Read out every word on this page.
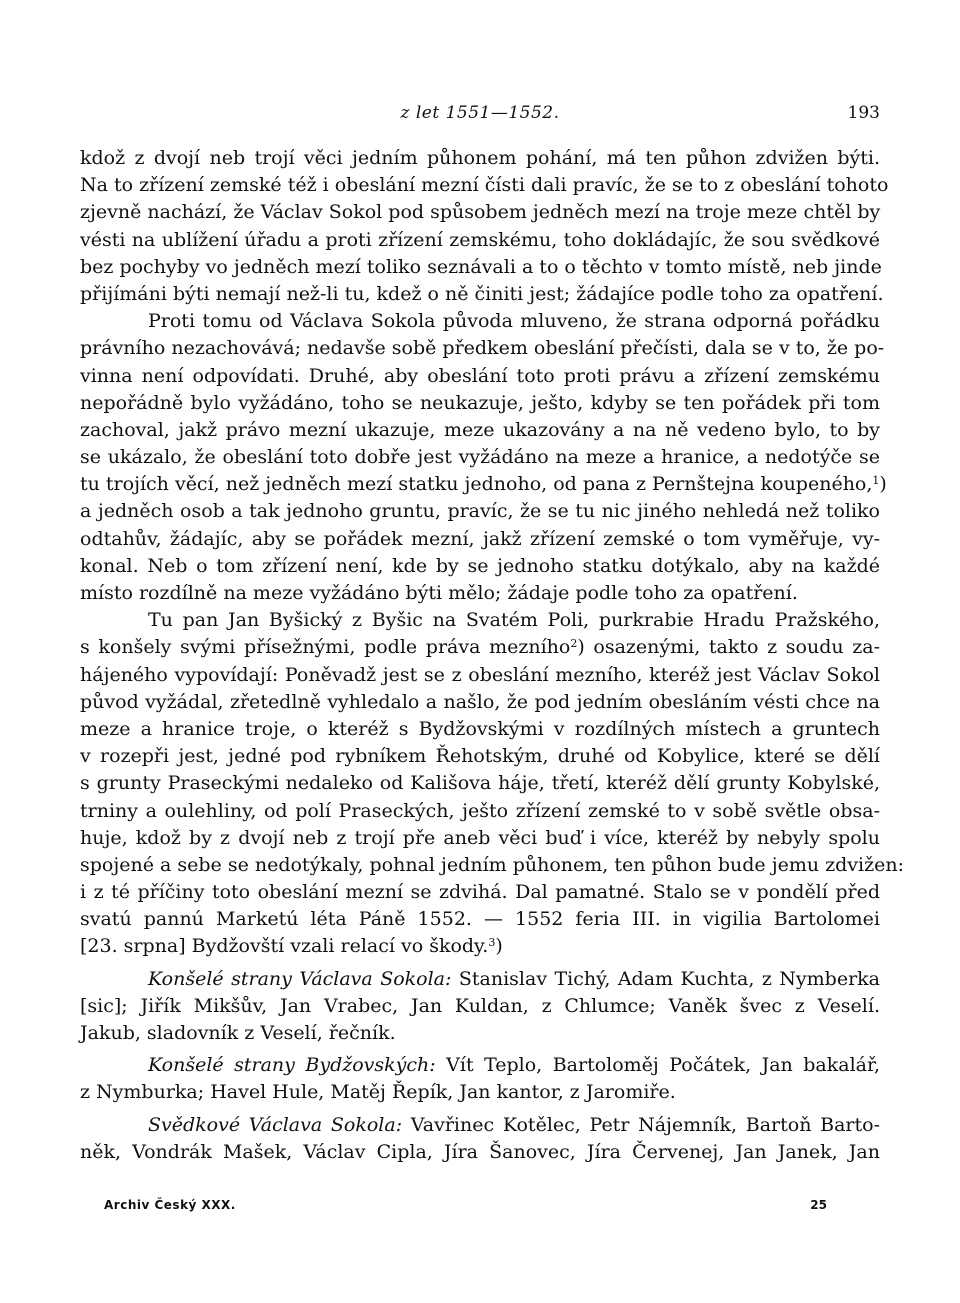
z let 1551—1552.	193
kdož z dvojí neb trojí věci jedním půhonem pohání, má ten půhon zdvižen býti.
Na to zřízení zemské též i obeslání mezní čísti dali pravíc, že se to z obeslání tohoto
zjevně nachází, že Václav Sokol pod spůsobem jedněch mezí na troje meze chtěl by
vésti na ublížení úřadu a proti zřízení zemskému, toho dokládajíc, že sou svědkové
bez pochyby vo jedněch mezí toliko seznávali a to o těchto v tomto místě, neb jinde
přijímáni býti nemají než-li tu, kdež o ně činiti jest; žádajíce podle toho za opatření.
Proti tomu od Václava Sokola původa mluveno, že strana odporná pořádku
právního nezachovává; nedavše sobě předkem obeslání přečísti, dala se v to, že po-
vinna není odpovídati. Druhé, aby obeslání toto proti právu a zřízení zemskému
nepořádně bylo vyžádáno, toho se neukazuje, ješto, kdyby se ten pořádek při tom
zachoval, jakž právo mezní ukazuje, meze ukazovány a na ně vedeno bylo, to by
se ukázalo, že obeslání toto dobře jest vyžádáno na meze a hranice, a nedotýče se
tu trojích věcí, než jedněch mezí statku jednoho, od pana z Pernštejna koupeného,$^1$)
a jedněch osob a tak jednoho gruntu, pravíc, že se tu nic jiného nehledá než toliko
odtahův, žádajíc, aby se pořádek mezní, jakž zřízení zemské o tom vyměřuje, vy-
konal. Neb o tom zřízení není, kde by se jednoho statku dotýkalo, aby na každé
místo rozdílně na meze vyžádáno býti mělo; žádaje podle toho za opatření.
Tu pan Jan Byšický z Byšic na Svatém Poli, purkrabie Hradu Pražského,
s konšely svými přísežnými, podle práva mezního$^2$) osazenými, takto z soudu za-
hájeného vypovídají: Poněvadž jest se z obeslání mezního, kteréž jest Václav Sokol
původ vyžádal, zřetedlně vyhledalo a našlo, že pod jedním obesláním vésti chce na
meze a hranice troje, o kteréž s Bydžovskými v rozdílných místech a gruntech
v rozepři jest, jedné pod rybníkem Řehotským, druhé od Kobylice, které se dělí
s grunty Praseckými nedaleko od Kališova háje, třetí, kteréž dělí grunty Kobylské,
trniny a oulehliny, od polí Praseckých, ješto zřízení zemské to v sobě světle obsa-
huje, kdož by z dvojí neb z trojí pře aneb věci buď i více, kteréž by nebyly spolu
spojené a sebe se nedotýkaly, pohnal jedním půhonem, ten půhon bude jemu zdvižen:
i z té příčiny toto obeslání mezní se zdvihá. Dal pamatné. Stalo se v pondělí před
svatú pannú Marketú léta Páně 1552. — 1552 feria III. in vigilia Bartolomei
[23. srpna] Bydžovští vzali relací vo škody.$^3$)
Konšelé strany Václava Sokola: Stanislav Tichý, Adam Kuchta, z Nymberka
[sic]; Jiřík Mikšův, Jan Vrabec, Jan Kuldan, z Chlumce; Vaněk švec z Veselí.
Jakub, sladovník z Veselí, řečník.
Konšelé strany Bydžovských: Vít Teplo, Bartoloměj Počátek, Jan bakalář,
z Nymburka; Havel Hule, Matěj Řepík, Jan kantor, z Jaromiře.
Svědkové Václava Sokola: Vavřinec Kotělec, Petr Nájemník, Bartoň Barto-
něk, Vondrák Mašek, Václav Cipla, Jíra Šanovec, Jíra Červenej, Jan Janek, Jan
Archiv Český XXX.	25
